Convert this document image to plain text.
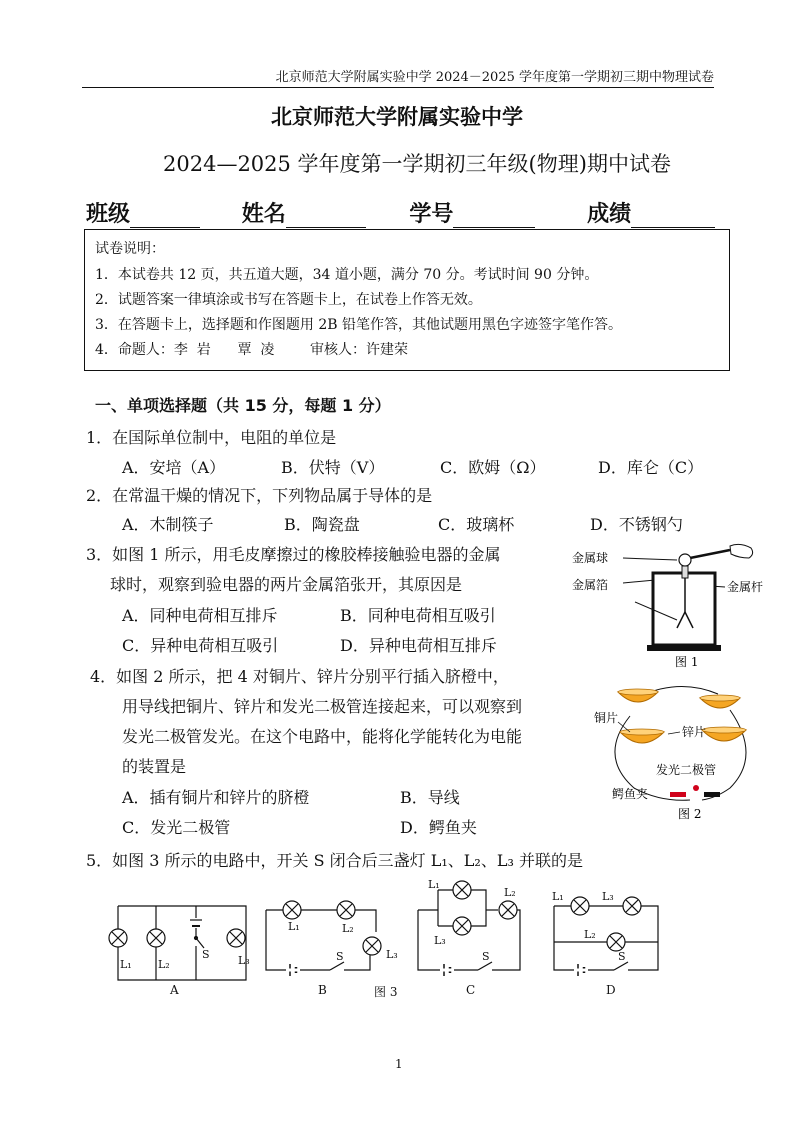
北京师范大学附属实验中学 2024－2025 学年度第一学期初三期中物理试卷
北京师范大学附属实验中学
2024—2025 学年度第一学期初三年级(物理)期中试卷
班级	姓名	学号	成绩
试卷说明：
1．本试卷共 12 页，共五道大题，34 道小题，满分 70 分。考试时间 90 分钟。
2．试题答案一律填涂或书写在答题卡上，在试卷上作答无效。
3．在答题卡上，选择题和作图题用 2B 铅笔作答，其他试题用黑色字迹签字笔作答。
4．命题人：李  岩      覃  凌        审核人：许建荣
一、单项选择题（共 15 分，每题 1 分）
1．在国际单位制中，电阻的单位是
A．安培（A）	B．伏特（V）	C．欧姆（Ω）	D．库仑（C）
2．在常温干燥的情况下，下列物品属于导体的是
A．木制筷子	B．陶瓷盘	C．玻璃杯	D．不锈钢勺
3．如图 1 所示，用毛皮摩擦过的橡胶棒接触验电器的金属
球时，观察到验电器的两片金属箔张开，其原因是
A．同种电荷相互排斥	B．同种电荷相互吸引
C．异种电荷相互吸引	D．异种电荷相互排斥
金属球
金属箔	金属杆
图 1
4．如图 2 所示，把 4 对铜片、锌片分别平行插入脐橙中，
用导线把铜片、锌片和发光二极管连接起来，可以观察到
发光二极管发光。在这个电路中，能将化学能转化为电能
的装置是
A．插有铜片和锌片的脐橙	B．导线
C．发光二极管	D．鳄鱼夹
铜片
锌片
发光二极管
鳄鱼夹
图 2
5．如图 3 所示的电路中，开关 S 闭合后三盏灯 L₁、L₂、L₃ 并联的是
S
L₁ L₂	L₃
A
S
L₁	L₂
L₃
B
S
L₁
L₂
L₃
C
S
L₁	L₃
L₂
D
图 3
1
